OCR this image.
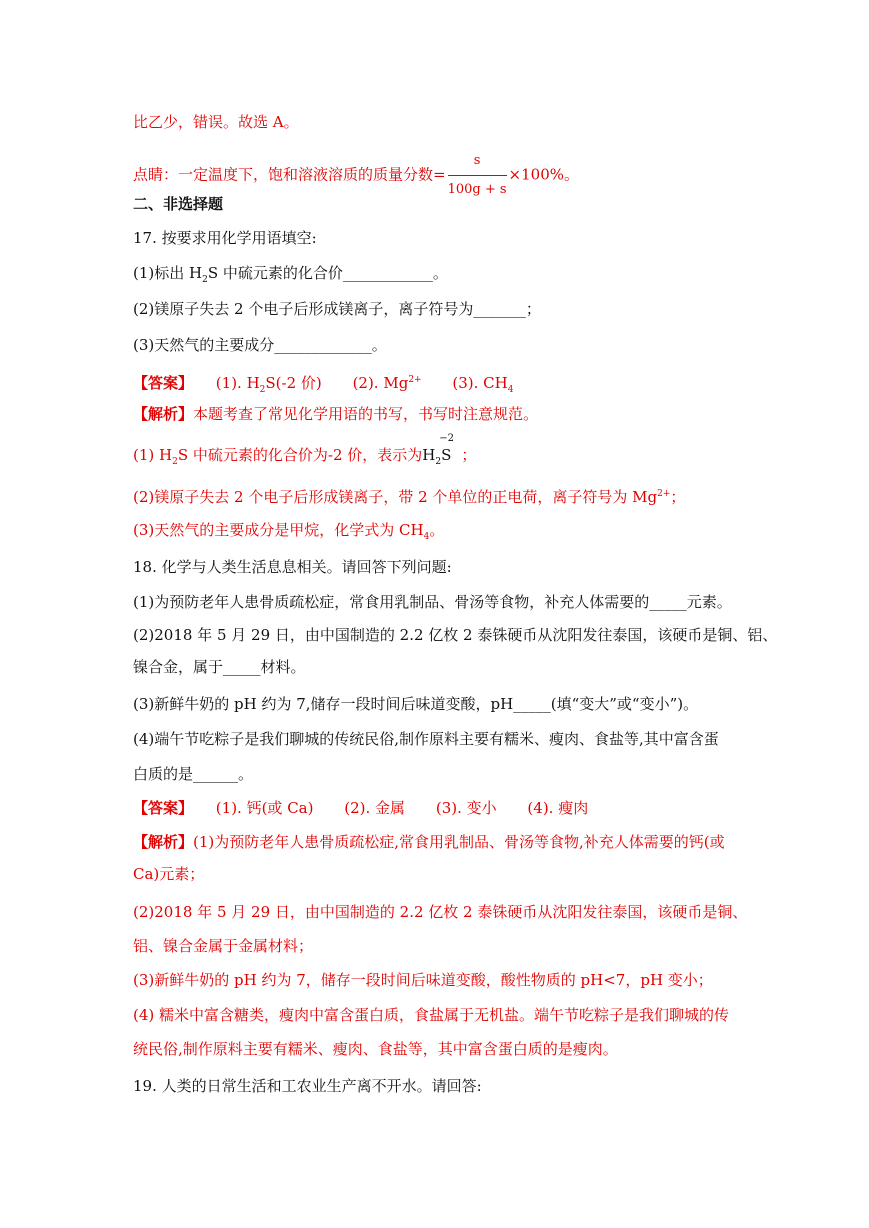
比乙少，错误。故选 A。
点睛：一定温度下，饱和溶液溶质的质量分数= $\frac{s}{100g + s} \times 100\%$。
二、非选择题
17. 按要求用化学用语填空:
(1)标出 $H_2S$ 中硫元素的化合价____________。
(2)镁原子失去 2 个电子后形成镁离子，离子符号为_______；
(3)天然气的主要成分_____________。
【答案】 (1). $H_2S(-2$ 价) (2). $Mg^{2+}$ (3). $CH_4$
【解析】本题考查了常见化学用语的书写，书写时注意规范。
(1) $H_2S$ 中硫元素的化合价为-2 价，表示为
−2
$H_2S$ ；
(2)镁原子失去 2 个电子后形成镁离子，带 2 个单位的正电荷，离子符号为 $Mg^{2+}$；
(3)天然气的主要成分是甲烷，化学式为 $CH_4$。
18. 化学与人类生活息息相关。请回答下列问题:
(1)为预防老年人患骨质疏松症，常食用乳制品、骨汤等食物，补充人体需要的_____元素。
(2)2018 年 5 月 29 日，由中国制造的 2.2 亿枚 2 泰铢硬币从沈阳发往泰国，该硬币是铜、铝、
镍合金，属于_____材料。
(3)新鲜牛奶的 pH 约为 7,储存一段时间后味道变酸，pH_____(填“变大”或“变小”)。
(4)端午节吃粽子是我们聊城的传统民俗,制作原料主要有糯米、瘦肉、食盐等,其中富含蛋
白质的是______。
【答案】 (1). 钙(或 Ca) (2). 金属 (3). 变小 (4). 瘦肉
【解析】(1)为预防老年人患骨质疏松症,常食用乳制品、骨汤等食物,补充人体需要的钙(或
Ca)元素；
(2)2018 年 5 月 29 日，由中国制造的 2.2 亿枚 2 泰铢硬币从沈阳发往泰国，该硬币是铜、
铝、镍合金属于金属材料；
(3)新鲜牛奶的 pH 约为 7，储存一段时间后味道变酸，酸性物质的 pH<7，pH 变小；
(4) 糯米中富含糖类，瘦肉中富含蛋白质，食盐属于无机盐。端午节吃粽子是我们聊城的传
统民俗,制作原料主要有糯米、瘦肉、食盐等，其中富含蛋白质的是瘦肉。
19. 人类的日常生活和工农业生产离不开水。请回答:
